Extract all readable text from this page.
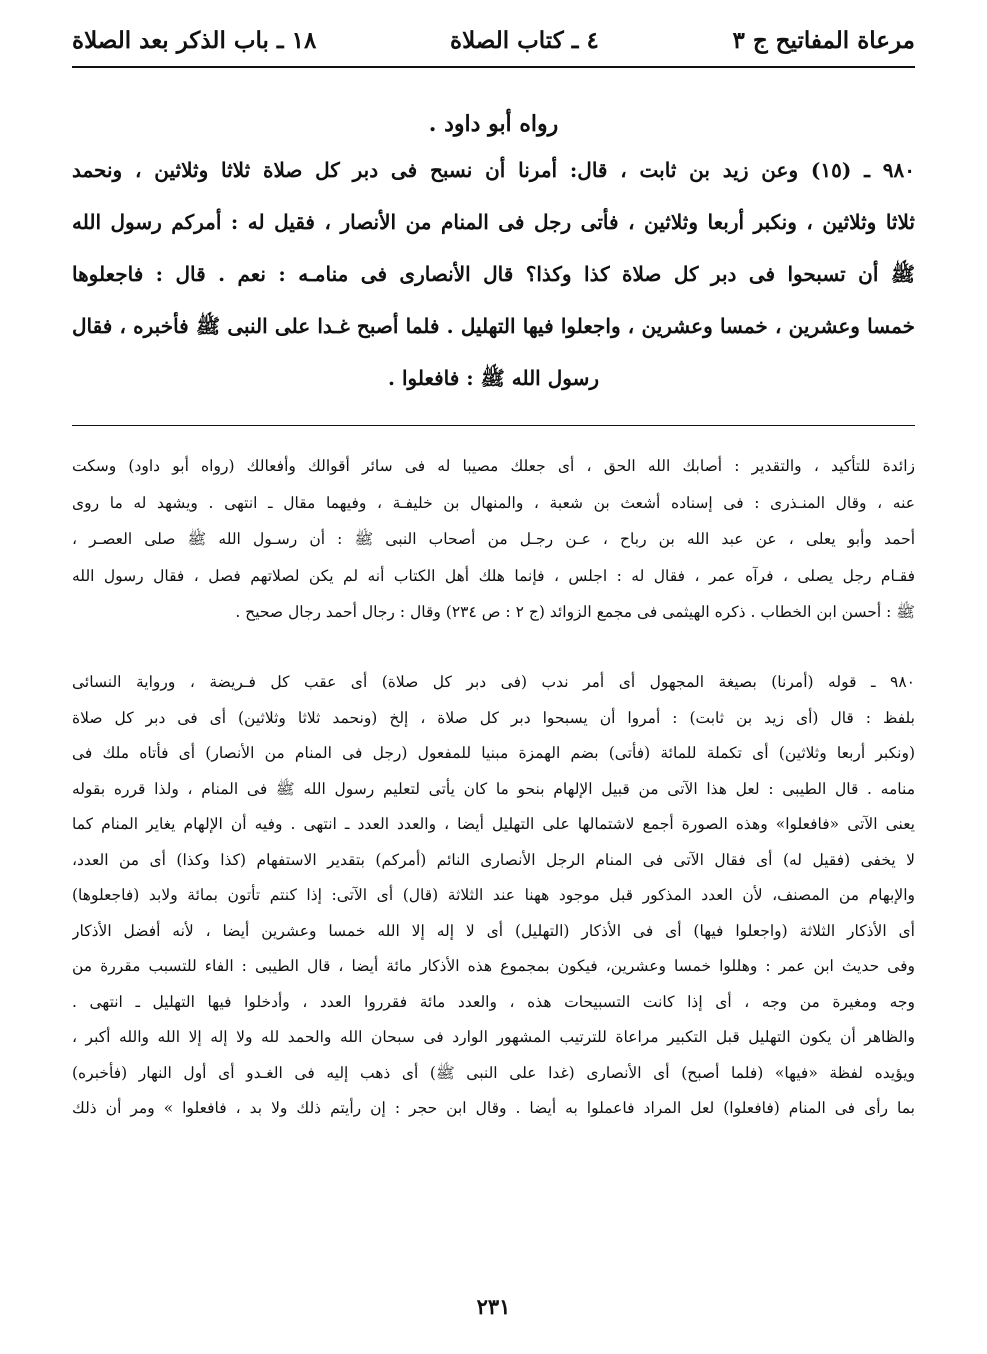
مرعاة المفاتيح ج ٣
٤ ـ كتاب الصلاة
١٨ ـ باب الذكر بعد الصلاة
رواه أبو داود .
٩٨٠ ـ (١٥) وعن زيد بن ثابت ، قال: أمرنا أن نسبح فى دبر كل صلاة ثلاثا وثلاثين ، ونحمد
ثلاثا وثلاثين ، ونكبر أربعا وثلاثين ، فأتى رجل فى المنام من الأنصار ، فقيل له : أمركم رسول الله
ﷺ أن تسبحوا فى دبر كل صلاة كذا وكذا؟ قال الأنصارى فى منامـه : نعم . قال : فاجعلوها
خمسا وعشرين ، خمسا وعشرين ، واجعلوا فيها التهليل . فلما أصبح غـدا على النبى ﷺ فأخبره ، فقال
رسول الله ﷺ : فافعلوا .
زائدة للتأكيد ، والتقدير : أصابك الله الحق ، أى جعلك مصيبا له فى سائر أقوالك وأفعالك (رواه أبو داود) وسكت
عنه ، وقال المنـذرى : فى إسناده أشعث بن شعبة ، والمنهال بن خليفـة ، وفيهما مقال ـ انتهى . ويشهد له ما روى
أحمد وأبو يعلى ، عن عبد الله بن رباح ، عـن رجـل من أصحاب النبى ﷺ : أن رسـول الله ﷺ صلى العصـر ،
فقـام رجل يصلى ، فرآه عمر ، فقال له : اجلس ، فإنما هلك أهل الكتاب أنه لم يكن لصلاتهم فصل ، فقال رسول الله
ﷺ : أحسن ابن الخطاب . ذكره الهيثمى فى مجمع الزوائد (ج ٢ : ص ٢٣٤) وقال : رجال أحمد رجال صحيح .
٩٨٠ ـ قوله (أمرنا) بصيغة المجهول أى أمر ندب (فى دبر كل صلاة) أى عقب كل فـريضة ، ورواية النسائى
بلفظ : قال (أى زيد بن ثابت) : أمروا أن يسبحوا دبر كل صلاة ، إلخ (ونحمد ثلاثا وثلاثين) أى فى دبر كل صلاة
(ونكبر أربعا وثلاثين) أى تكملة للمائة (فأتى) بضم الهمزة مبنيا للمفعول (رجل فى المنام من الأنصار) أى فأتاه ملك فى
منامه . قال الطيبى : لعل هذا الآتى من قبيل الإلهام بنحو ما كان يأتى لتعليم رسول الله ﷺ فى المنام ، ولذا قرره بقوله
يعنى الآتى «فافعلوا» وهذه الصورة أجمع لاشتمالها على التهليل أيضا ، والعدد العدد ـ انتهى . وفيه أن الإلهام يغاير المنام كما
لا يخفى (فقيل له) أى فقال الآتى فى المنام الرجل الأنصارى النائم (أمركم) بتقدير الاستفهام (كذا وكذا) أى من العدد،
والإبهام من المصنف، لأن العدد المذكور قبل موجود ههنا عند الثلاثة (قال) أى الآتى: إذا كنتم تأتون بمائة ولابد (فاجعلوها)
أى الأذكار الثلاثة (واجعلوا فيها) أى فى الأذكار (التهليل) أى لا إله إلا الله خمسا وعشرين أيضا ، لأنه أفضل الأذكار
وفى حديث ابن عمر : وهللوا خمسا وعشرين، فيكون بمجموع هذه الأذكار مائة أيضا ، قال الطيبى : الفاء للتسبب مقررة من
وجه ومغيرة من وجه ، أى إذا كانت التسبيحات هذه ، والعدد مائة فقرروا العدد ، وأدخلوا فيها التهليل ـ انتهى .
والظاهر أن يكون التهليل قبل التكبير مراعاة للترتيب المشهور الوارد فى سبحان الله والحمد لله ولا إله إلا الله والله أكبر ،
ويؤيده لفظة «فيها» (فلما أصبح) أى الأنصارى (غدا على النبى ﷺ) أى ذهب إليه فى الغـدو أى أول النهار (فأخبره)
بما رأى فى المنام (فافعلوا) لعل المراد فاعملوا به أيضا . وقال ابن حجر : إن رأيتم ذلك ولا بد ، فافعلوا » ومر أن ذلك
٢٣١
